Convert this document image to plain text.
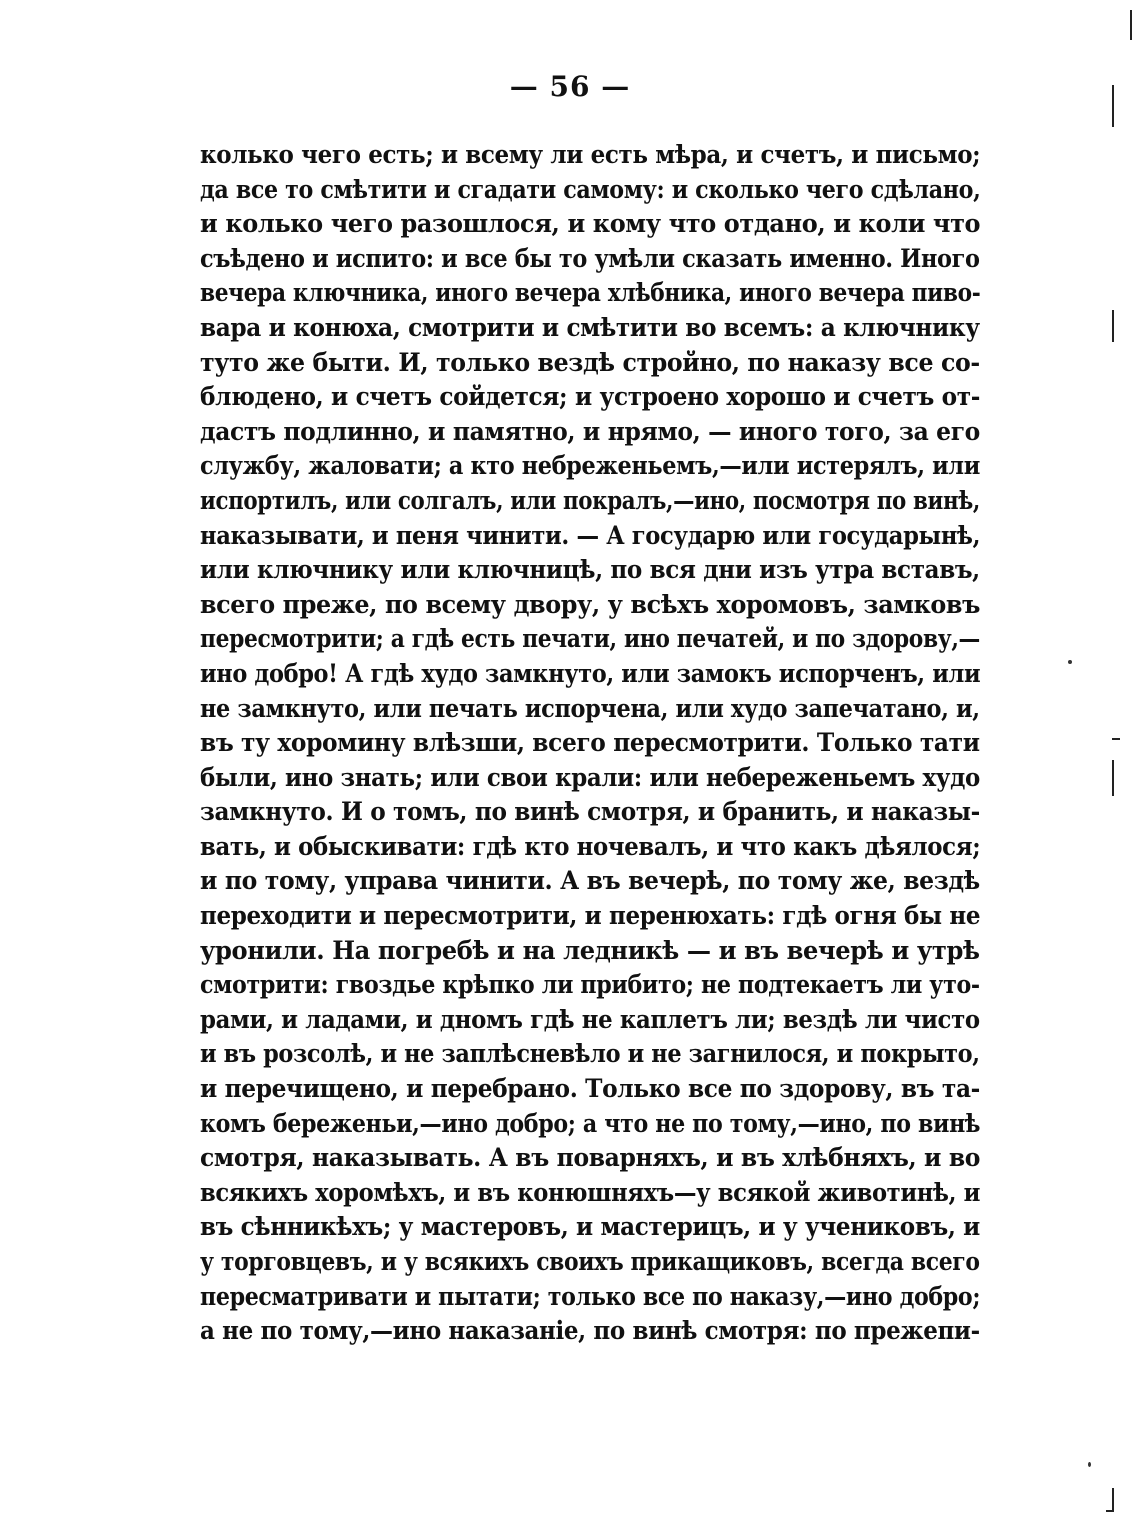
— 56 —
колько чего есть; и всему ли есть мѣра, и счетъ, и письмо;
да все то смѣтити и сгадати самому: и сколько чего сдѣлано,
и колько чего разошлося, и кому что отдано, и коли что
съѣдено и испито: и все бы то умѣли сказать именно. Иного
вечера ключника, иного вечера хлѣбника, иного вечера пиво-
вара и конюха, смотрити и смѣтити во всемъ: а ключнику
туто же быти. И, только вездѣ стройно, по наказу все со-
блюдено, и счетъ сойдется; и устроено хорошо и счетъ от-
дастъ подлинно, и памятно, и нрямо, — иного того, за его
службу, жаловати; а кто небреженьемъ,—или истерялъ, или
испортилъ, или солгалъ, или покралъ,—ино, посмотря по винѣ,
наказывати, и пеня чинити. — А государю или государынѣ,
или ключнику или ключницѣ, по вся дни изъ утра вставъ,
всего преже, по всему двору, у всѣхъ хоромовъ, замковъ
пересмотрити; а гдѣ есть печати, ино печатей, и по здорову,—
ино добро! А гдѣ худо замкнуто, или замокъ испорченъ, или
не замкнуто, или печать испорчена, или худо запечатано, и,
въ ту хоромину влѣзши, всего пересмотрити. Только тати
были, ино знать; или свои крали: или небереженьемъ худо
замкнуто. И о томъ, по винѣ смотря, и бранить, и наказы-
вать, и обыскивати: гдѣ кто ночевалъ, и что какъ дѣялося;
и по тому, управа чинити. А въ вечерѣ, по тому же, вездѣ
переходити и пересмотрити, и перенюхать: гдѣ огня бы не
уронили. На погребѣ и на ледникѣ — и въ вечерѣ и утрѣ
смотрити: гвоздье крѣпко ли прибито; не подтекаетъ ли уто-
рами, и ладами, и дномъ гдѣ не каплетъ ли; вездѣ ли чисто
и въ розсолѣ, и не заплѣсневѣло и не загнилося, и покрыто,
и перечищено, и перебрано. Только все по здорову, въ та-
комъ береженьи,—ино добро; а что не по тому,—ино, по винѣ
смотря, наказывать. А въ поварняхъ, и въ хлѣбняхъ, и во
всякихъ хоромѣхъ, и въ конюшняхъ—у всякой животинѣ, и
въ сѣнникѣхъ; у мастеровъ, и мастерицъ, и у учениковъ, и
у торговцевъ, и у всякихъ своихъ прикащиковъ, всегда всего
пересматривати и пытати; только все по наказу,—ино добро;
а не по тому,—ино наказаніе, по винѣ смотря: по прежепи-
